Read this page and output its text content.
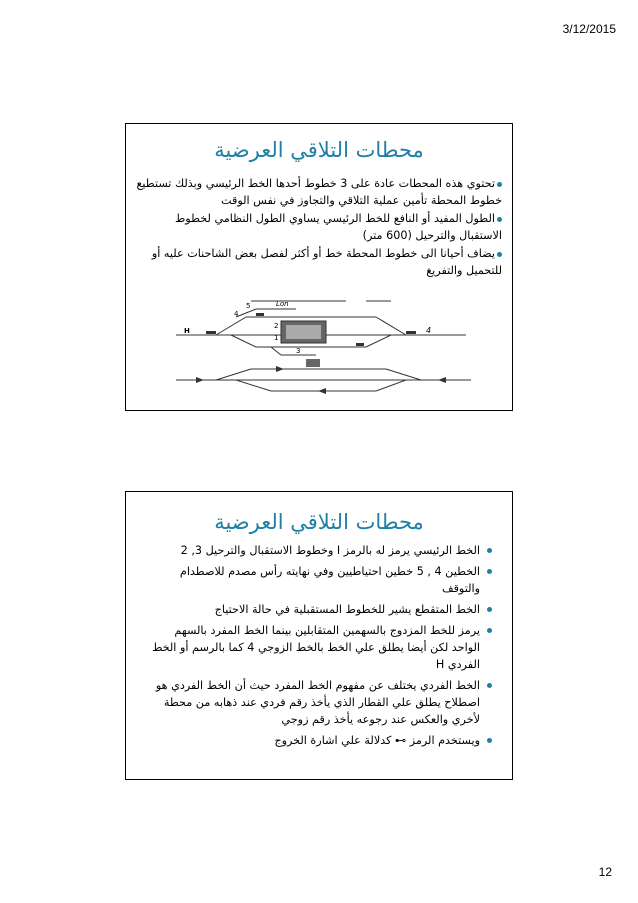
3/12/2015
محطات التلاقي العرضية
تحتوي هذه المحطات عادة على 3 خطوط أحدها الخط الرئيسي وبذلك تستطيع خطوط المحطة تأمين عملية التلاقي والتجاوز في نفس الوقت
الطول المفيد أو النافع للخط الرئيسي يساوي الطول النظامي لخطوط الاستقبال والترحيل (600 متر)
يضاف أحيانا الى خطوط المحطة خط أو أكثر لفصل بعض الشاحنات عليه أو للتحميل والتفريغ
Lon
1
2
3
4
5
H	4
محطات التلاقي العرضية
الخط الرئيسي يرمز له بالرمز I وخطوط الاستقبال والترحيل 3, 2
الخطين 4 , 5 خطين احتياطيين وفي نهايته رأس مصدم للاصطدام والتوقف
الخط المتقطع يشير للخطوط المستقبلية في حالة الاحتياج
يرمز للخط المزدوج بالسهمين المتقابلين بينما الخط المفرد بالسهم الواحد لكن أيضا يطلق علي الخط بالخط الزوجي 4 كما بالرسم أو الخط الفردي H
الخط الفردي يختلف عن مفهوم الخط المفرد حيث أن الخط الفردي هو اصطلاح يطلق علي القطار الذي يأخذ رقم فردي عند ذهابه من محطة لأخري والعكس عند رجوعه يأخذ رقم زوجي
ويستخدم الرمز ⊶ كدلالة علي اشارة الخروج
12
